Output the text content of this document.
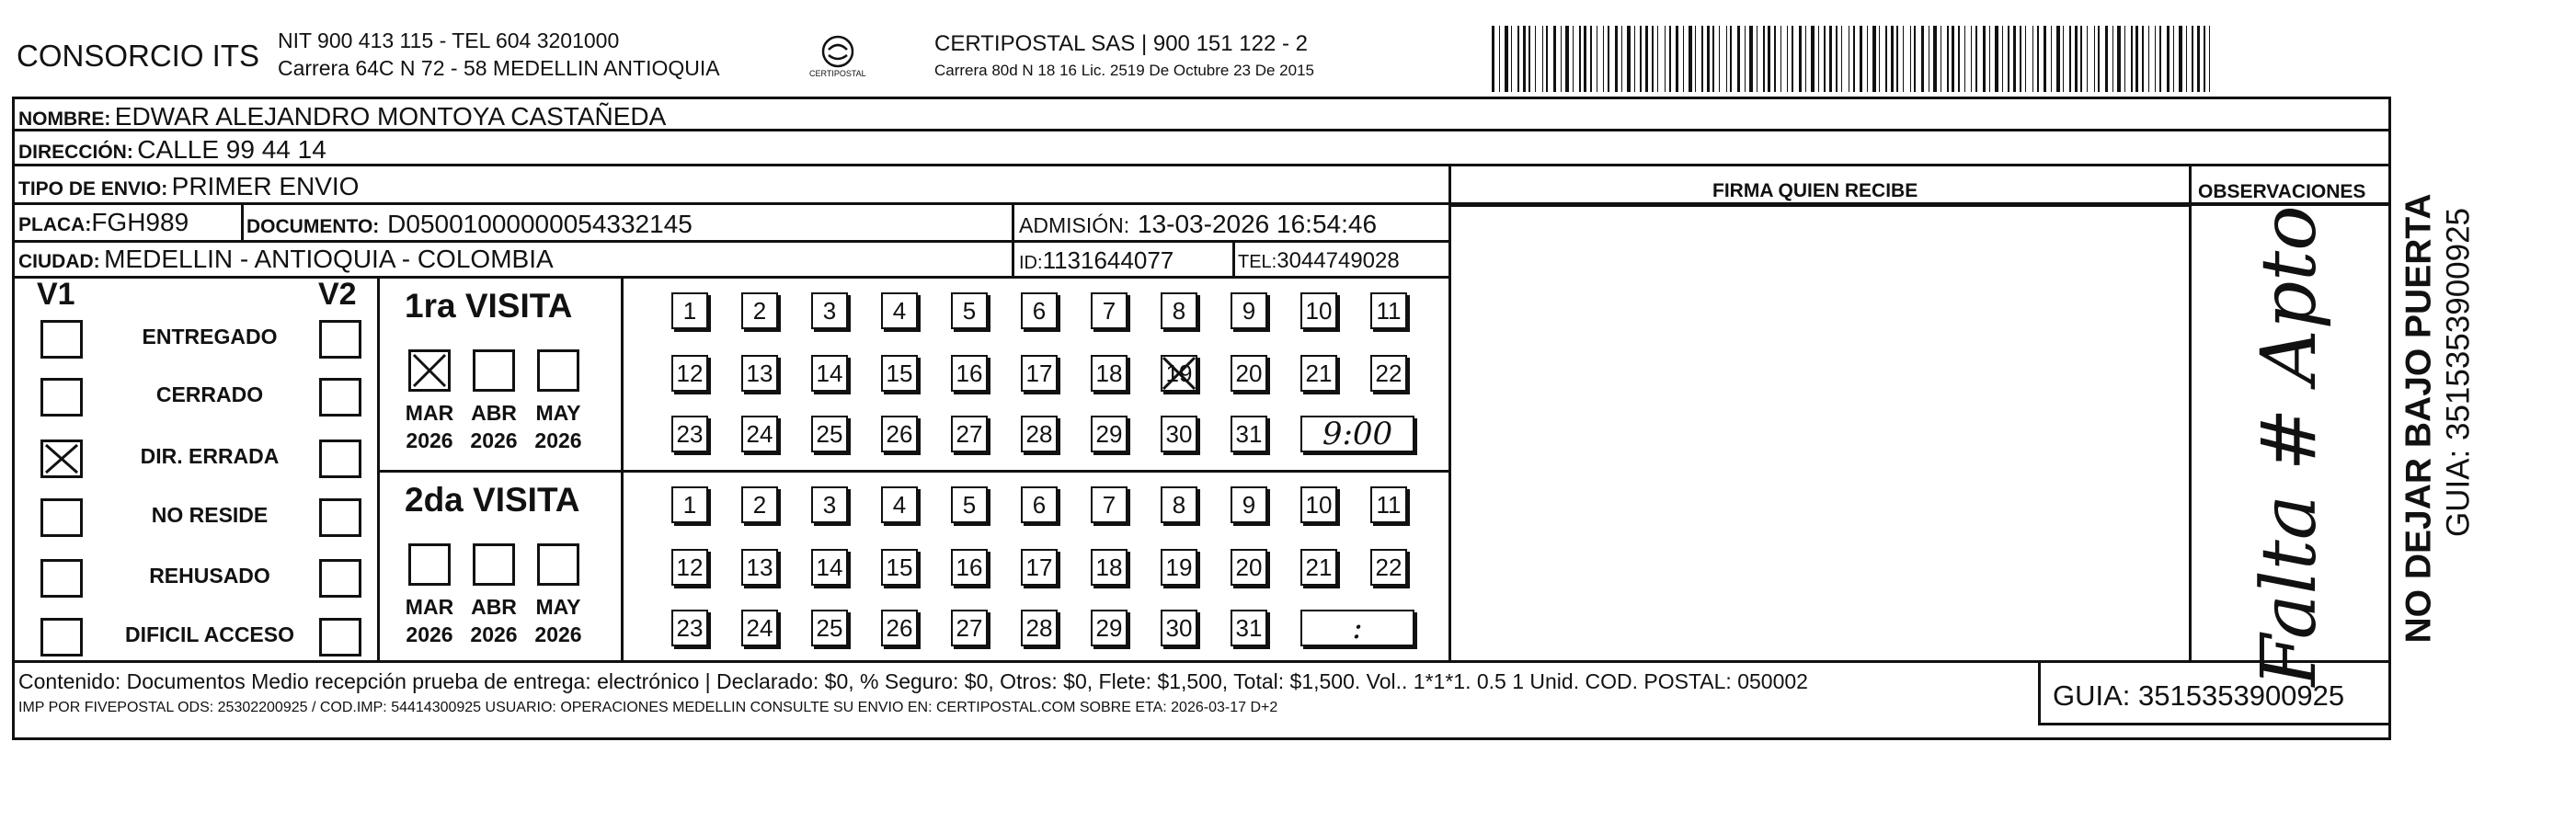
CONSORCIO ITS NIT 900 413 115 - TEL 604 3201000
Carrera 64C N 72 - 58 MEDELLIN ANTIOQUIA	CERTIPOSTAL
CERTIPOSTAL SAS | 900 151 122 - 2
Carrera 80d N 18 16 Lic. 2519 De Octubre 23 De 2015
NOMBRE: EDWAR ALEJANDRO MONTOYA CASTAÑEDA
DIRECCIÓN: CALLE 99 44 14
TIPO DE ENVIO: PRIMER ENVIO
PLACA:FGH989	DOCUMENTO: D05001000000054332145	ADMISIÓN: 13-03-2026 16:54:46
CIUDAD: MEDELLIN - ANTIOQUIA - COLOMBIA	ID:1131644077	TEL:3044749028
FIRMA QUIEN RECIBE	OBSERVACIONES
Falta # Apto
V1	V2
ENTREGADO
CERRADO
DIR. ERRADA
NO RESIDE
REHUSADO
DIFICIL ACCESO
1ra VISITA
MAR
2026
ABR
2026
MAY
2026
1	2	3	4	5	6	7	8	9	10 11
12 13 14 15 16 17 18 19 20 21 22
23 24 25 26 27 28 29 30 31	9:00
2da VISITA
MAR
2026
ABR
2026
MAY
2026
1	2	3	4	5	6	7	8	9	10 11
12 13 14 15 16 17 18 19 20 21 22
23 24 25 26 27 28 29 30 31	:
Contenido: Documentos Medio recepción prueba de entrega: electrónico | Declarado: $0, % Seguro: $0, Otros: $0, Flete: $1,500, Total: $1,500. Vol.. 1*1*1. 0.5 1 Unid. COD. POSTAL: 050002
IMP POR FIVEPOSTAL ODS: 25302200925 / COD.IMP: 54414300925 USUARIO: OPERACIONES MEDELLIN CONSULTE SU ENVIO EN: CERTIPOSTAL.COM SOBRE ETA: 2026-03-17 D+2	GUIA: 3515353900925
NO DEJAR BAJO PUERTA GUIA: 3515353900925
